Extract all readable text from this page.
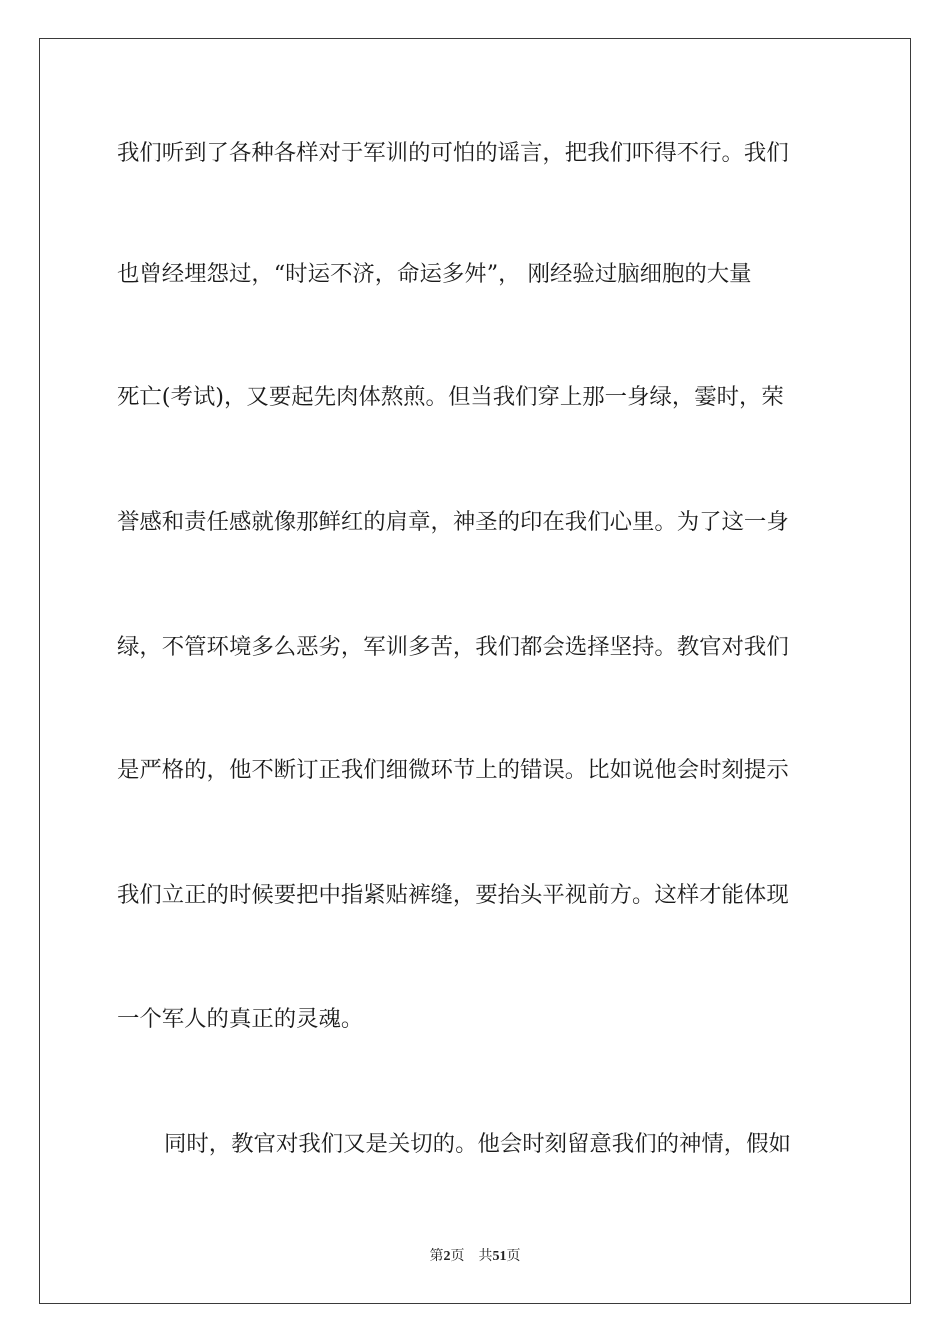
我们听到了各种各样对于军训的可怕的谣言，把我们吓得不行。我们
也曾经埋怨过，“时运不济，命运多舛”， 刚经验过脑细胞的大量
死亡(考试)，又要起先肉体熬煎。但当我们穿上那一身绿，霎时，荣
誉感和责任感就像那鲜红的肩章，神圣的印在我们心里。为了这一身
绿，不管环境多么恶劣，军训多苦，我们都会选择坚持。教官对我们
是严格的，他不断订正我们细微环节上的错误。比如说他会时刻提示
我们立正的时候要把中指紧贴裤缝，要抬头平视前方。这样才能体现
一个军人的真正的灵魂。
同时，教官对我们又是关切的。他会时刻留意我们的神情，假如
第2页 共51页
